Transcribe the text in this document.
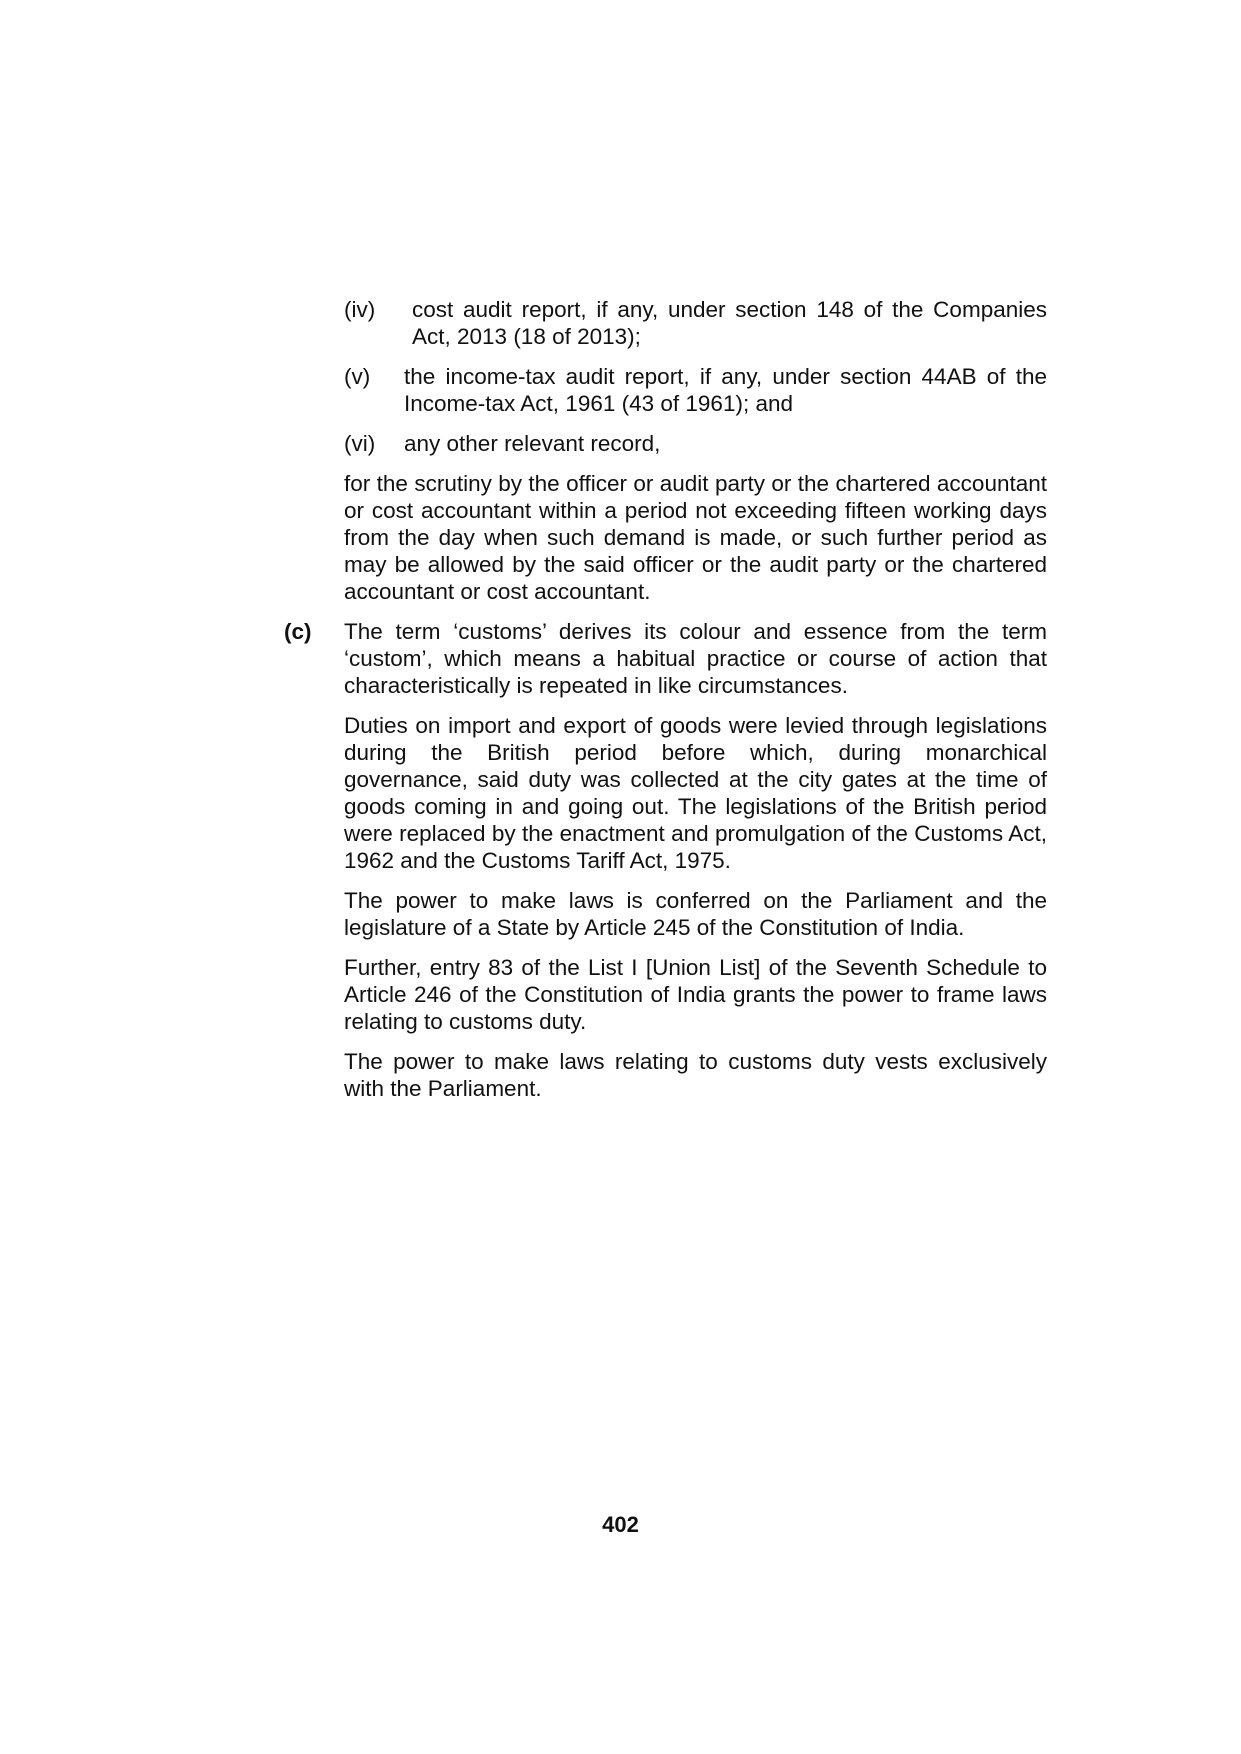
(iv)	cost audit report, if any, under section 148 of the Companies Act, 2013 (18 of 2013);
(v)	the income-tax audit report, if any, under section 44AB of the Income-tax Act, 1961 (43 of 1961); and
(vi)	any other relevant record,
for the scrutiny by the officer or audit party or the chartered accountant or cost accountant within a period not exceeding fifteen working days from the day when such demand is made, or such further period as may be allowed by the said officer or the audit party or the chartered accountant or cost accountant.
(c)	The term ‘customs’ derives its colour and essence from the term ‘custom’, which means a habitual practice or course of action that characteristically is repeated in like circumstances.
Duties on import and export of goods were levied through legislations during the British period before which, during monarchical governance, said duty was collected at the city gates at the time of goods coming in and going out. The legislations of the British period were replaced by the enactment and promulgation of the Customs Act, 1962 and the Customs Tariff Act, 1975.
The power to make laws is conferred on the Parliament and the legislature of a State by Article 245 of the Constitution of India.
Further, entry 83 of the List I [Union List] of the Seventh Schedule to Article 246 of the Constitution of India grants the power to frame laws relating to customs duty.
The power to make laws relating to customs duty vests exclusively with the Parliament.
402
